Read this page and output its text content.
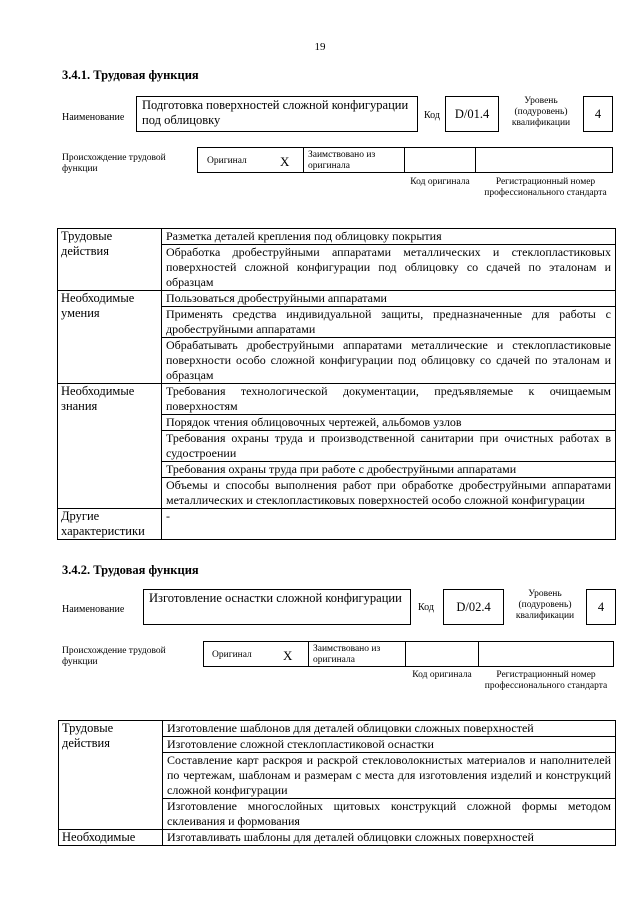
19
3.4.1. Трудовая функция
Наименование
Подготовка поверхностей сложной конфигурации под облицовку	Код	D/01.4
Уровень (подуровень) квалификации
4
Происхождение трудовой функции
Оригинал	X Заимствовано из оригинала
Код оригинала	Регистрационный номер профессионального стандарта
Трудовые действия	Разметка деталей крепления под облицовку покрытия
	Обработка дробеструйными аппаратами металлических и стеклопластиковых поверхностей сложной конфигурации под облицовку со сдачей по эталонам и образцам
Необходимые умения	Пользоваться дробеструйными аппаратами
	Применять средства индивидуальной защиты, предназначенные для работы с дробеструйными аппаратами
	Обрабатывать дробеструйными аппаратами металлические и стеклопластиковые поверхности особо сложной конфигурации под облицовку со сдачей по эталонам и образцам
Необходимые знания	Требования технологической документации, предъявляемые к очищаемым поверхностям
	Порядок чтения облицовочных чертежей, альбомов узлов
	Требования охраны труда и производственной санитарии при очистных работах в судостроении
	Требования охраны труда при работе с дробеструйными аппаратами
	Объемы и способы выполнения работ при обработке дробеструйными аппаратами металлических и стеклопластиковых поверхностей особо сложной конфигурации
Другие характеристики	-
3.4.2. Трудовая функция
Наименование
Изготовление оснастки сложной конфигурации
Код	D/02.4
Уровень (подуровень) квалификации
4
Происхождение трудовой функции
Оригинал X Заимствовано из оригинала
Код оригинала	Регистрационный номер профессионального стандарта
Трудовые действия	Изготовление шаблонов для деталей облицовки сложных поверхностей
	Изготовление сложной стеклопластиковой оснастки
	Составление карт раскроя и раскрой стекловолокнистых материалов и наполнителей по чертежам, шаблонам и размерам с места для изготовления изделий и конструкций сложной конфигурации
	Изготовление многослойных щитовых конструкций сложной формы методом склеивания и формования
Необходимые	Изготавливать шаблоны для деталей облицовки сложных поверхностей
